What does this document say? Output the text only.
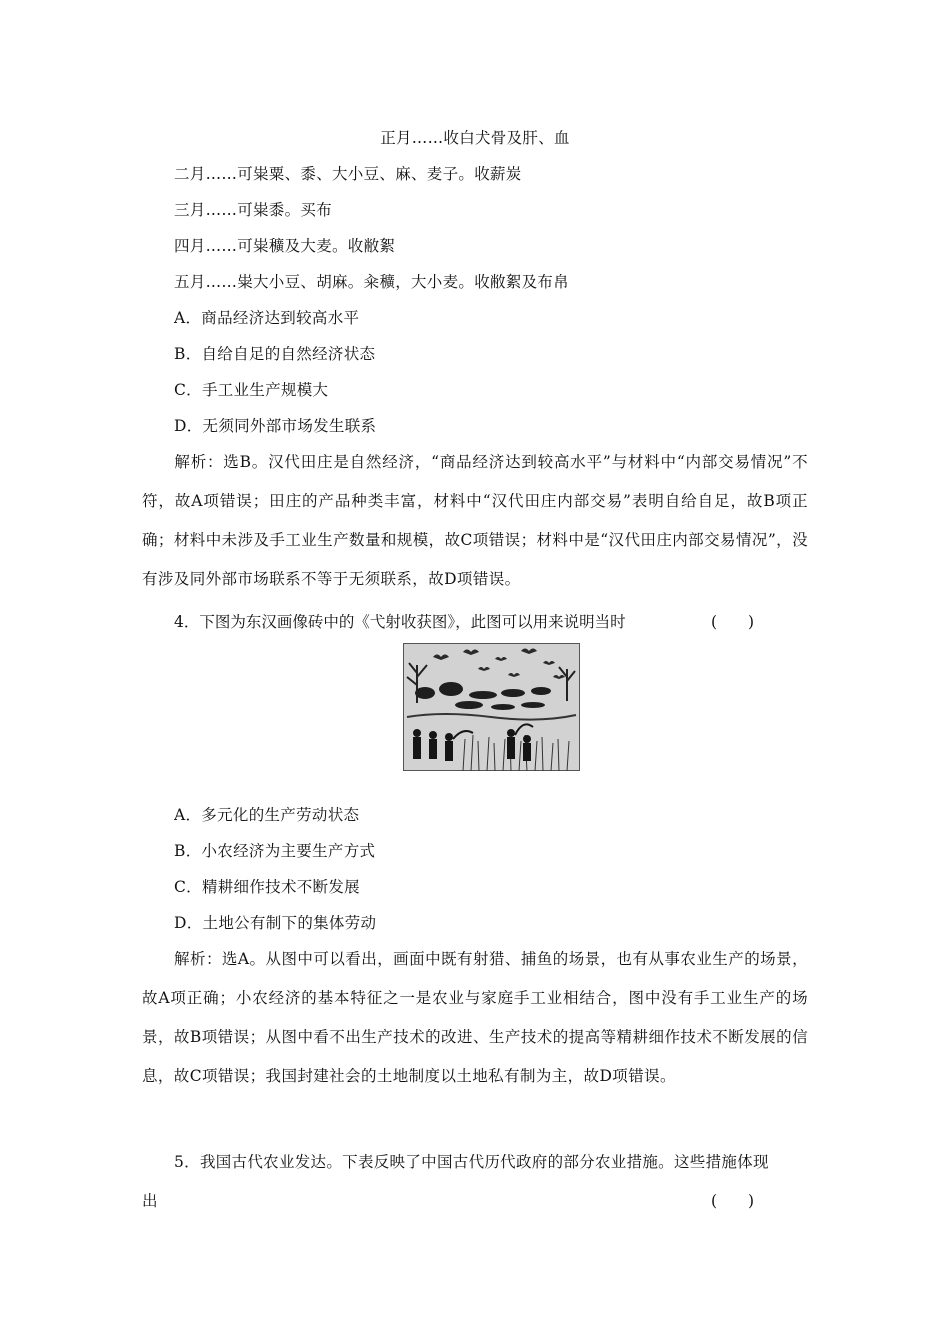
正月……收白犬骨及肝、血
二月……可粜粟、黍、大小豆、麻、麦子。收薪炭
三月……可粜黍。买布
四月……可粜穬及大麦。收敝絮
五月……粜大小豆、胡麻。籴穬，大小麦。收敝絮及布帛
A．商品经济达到较高水平
B．自给自足的自然经济状态
C．手工业生产规模大
D．无须同外部市场发生联系
解析：选B。汉代田庄是自然经济，“商品经济达到较高水平”与材料中“内部交易情况”不符，故A项错误；田庄的产品种类丰富，材料中“汉代田庄内部交易”表明自给自足，故B项正确；材料中未涉及手工业生产数量和规模，故C项错误；材料中是“汉代田庄内部交易情况”，没有涉及同外部市场联系不等于无须联系，故D项错误。
4．下图为东汉画像砖中的《弋射收获图》，此图可以用来说明当时	(　　)
A．多元化的生产劳动状态
B．小农经济为主要生产方式
C．精耕细作技术不断发展
D．土地公有制下的集体劳动
解析：选A。从图中可以看出，画面中既有射猎、捕鱼的场景，也有从事农业生产的场景，故A项正确；小农经济的基本特征之一是农业与家庭手工业相结合，图中没有手工业生产的场景，故B项错误；从图中看不出生产技术的改进、生产技术的提高等精耕细作技术不断发展的信息，故C项错误；我国封建社会的土地制度以土地私有制为主，故D项错误。
5．我国古代农业发达。下表反映了中国古代历代政府的部分农业措施。这些措施体现
出	(　　)
